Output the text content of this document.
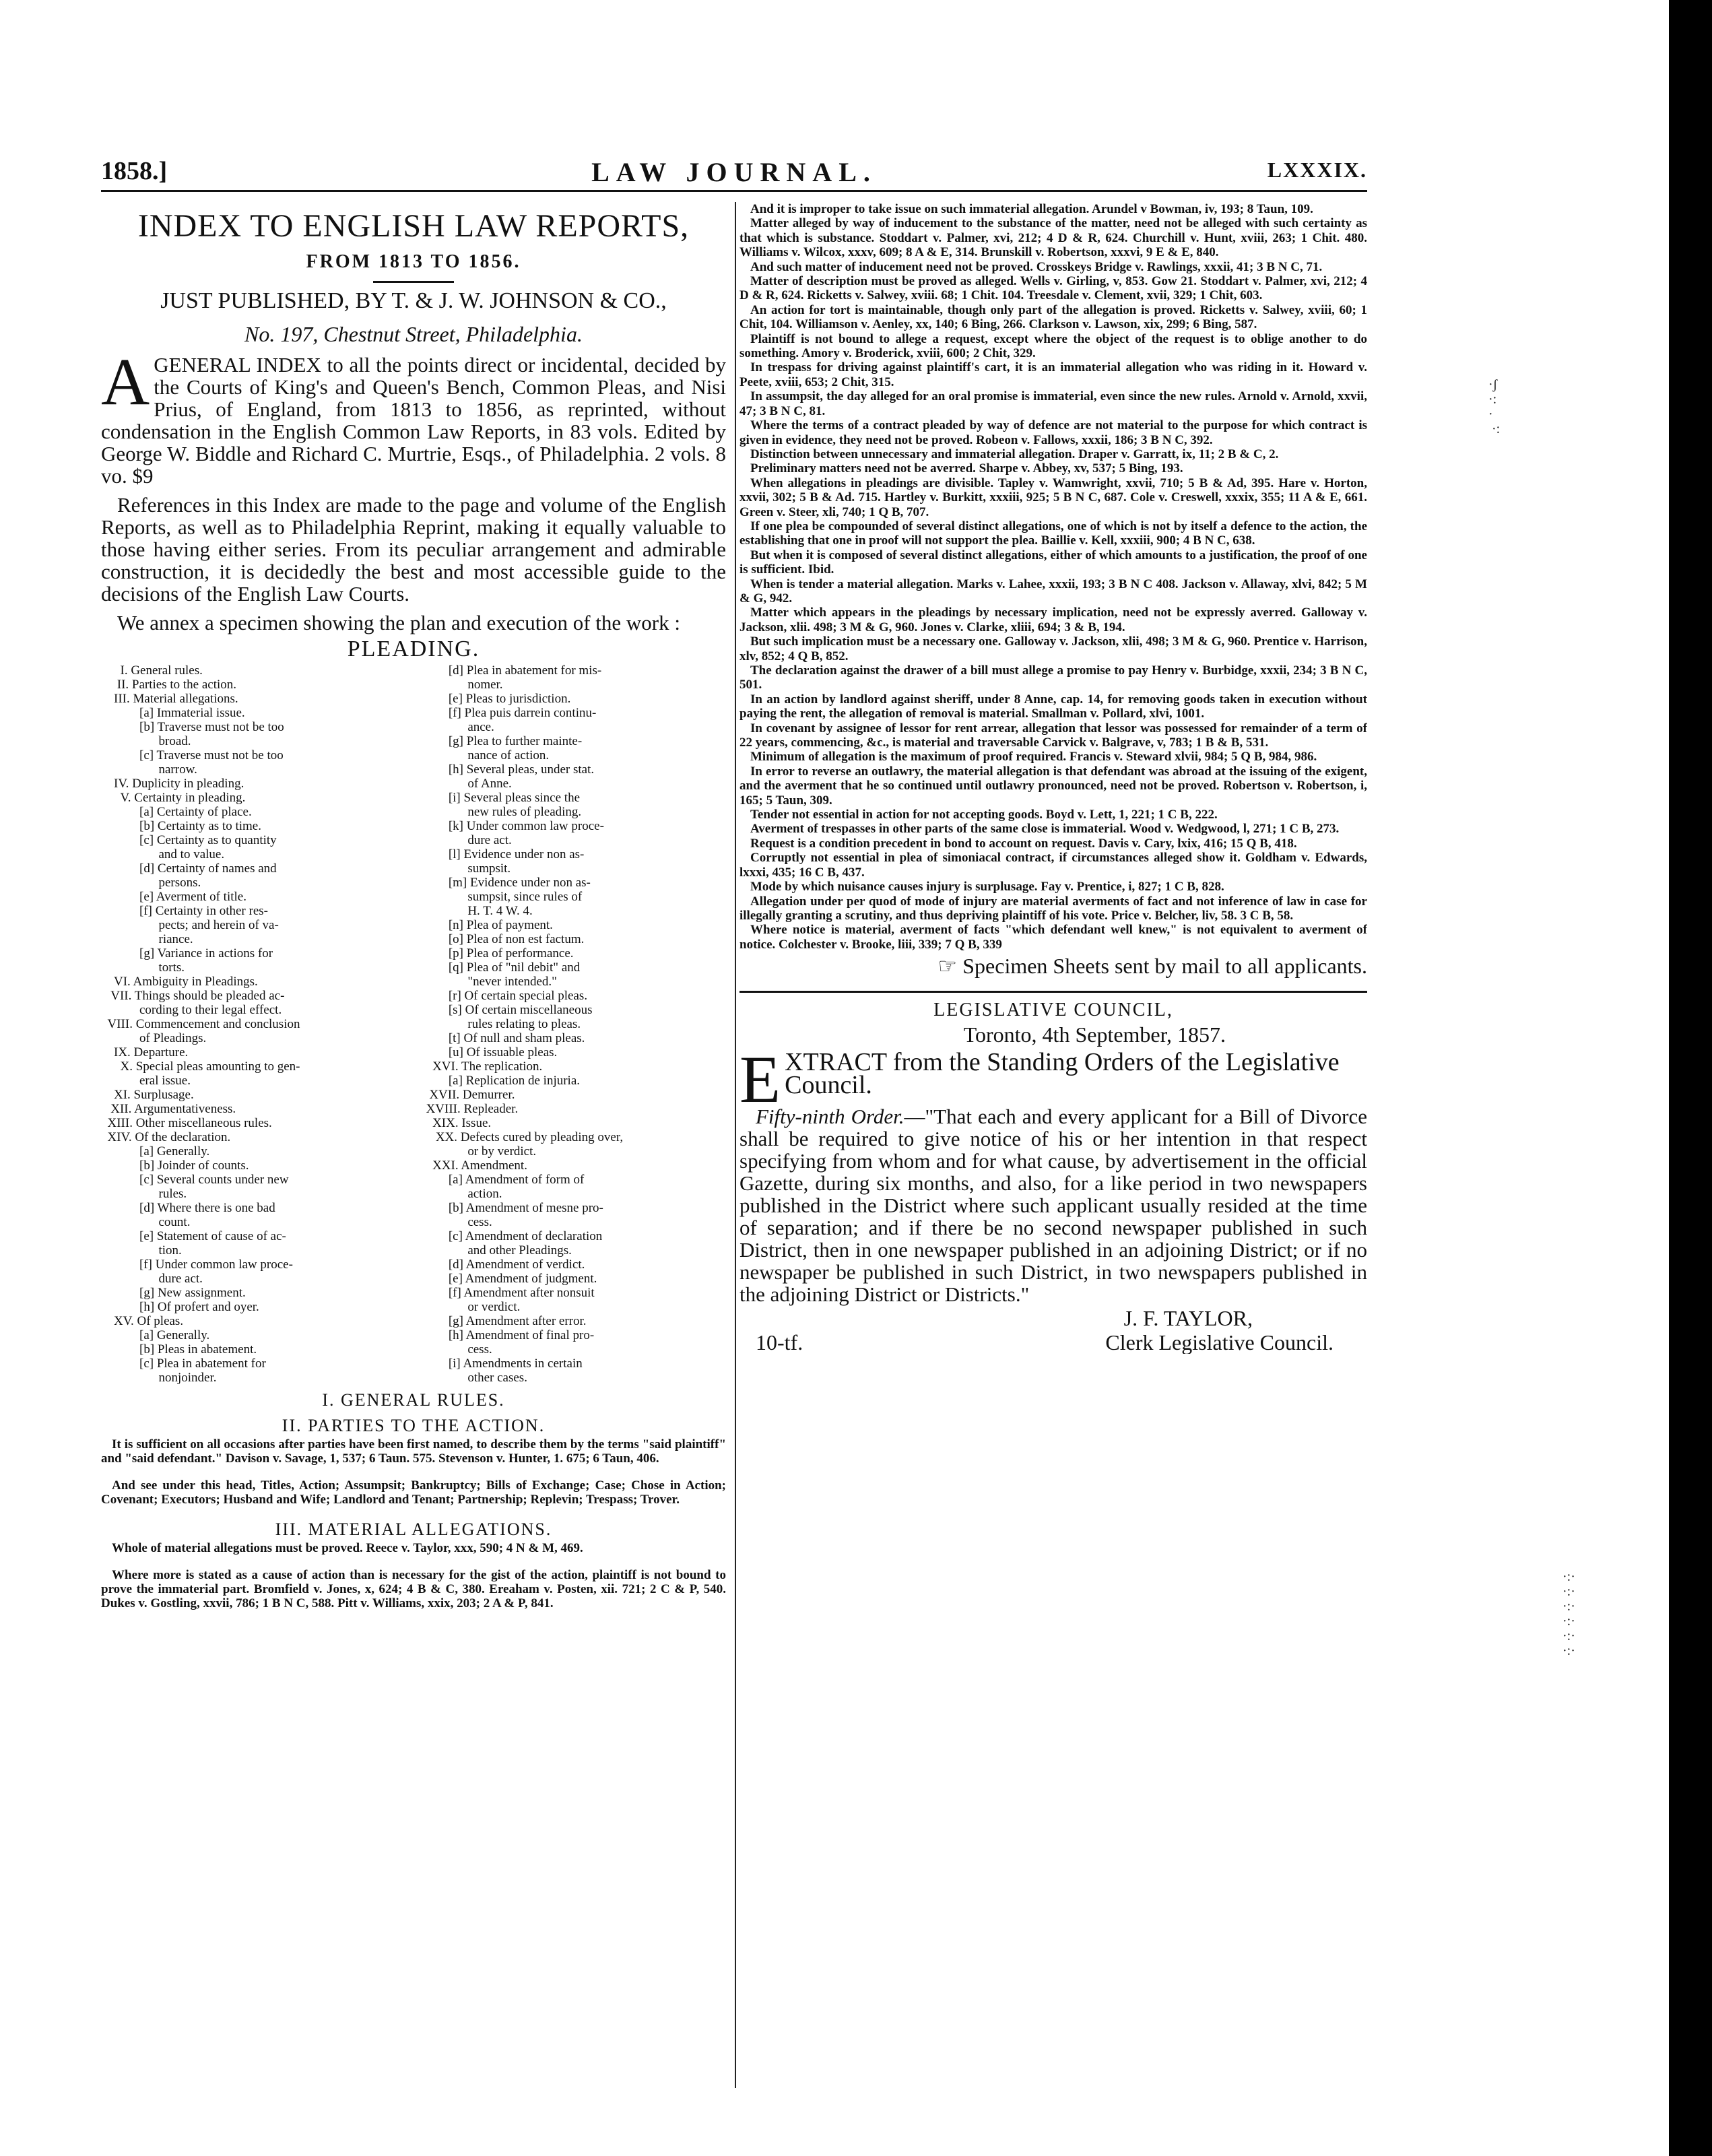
·ʃ
·:
·
·:
·:·
·:·
·:·
·:·
·:·
·:·
1858.]	LAW JOURNAL.	LXXXIX.
INDEX TO ENGLISH LAW REPORTS,
FROM 1813 TO 1856.
JUST PUBLISHED, BY T. & J. W. JOHNSON & CO.,
No. 197, Chestnut Street, Philadelphia.
A GENERAL INDEX to all the points direct or incidental, decided by the Courts of King's and Queen's Bench, Common Pleas, and Nisi Prius, of England, from 1813 to 1856, as reprinted, without condensation in the English Common Law Reports, in 83 vols. Edited by George W. Biddle and Richard C. Murtrie, Esqs., of Philadelphia. 2 vols. 8 vo. $9
References in this Index are made to the page and volume of the English Reports, as well as to Philadelphia Reprint, making it equally valuable to those having either series. From its peculiar arrangement and admirable construction, it is decidedly the best and most accessible guide to the decisions of the English Law Courts.
We annex a specimen showing the plan and execution of the work :
PLEADING.
I. General rules.
II. Parties to the action.
III. Material allegations.
[a] Immaterial issue.
[b] Traverse must not be too
broad.
[c] Traverse must not be too
narrow.
IV. Duplicity in pleading.
V. Certainty in pleading.
[a] Certainty of place.
[b] Certainty as to time.
[c] Certainty as to quantity
and to value.
[d] Certainty of names and
persons.
[e] Averment of title.
[f] Certainty in other res-
pects; and herein of va-
riance.
[g] Variance in actions for
torts.
VI. Ambiguity in Pleadings.
VII. Things should be pleaded ac-
cording to their legal effect.
VIII. Commencement and conclusion
of Pleadings.
IX. Departure.
X. Special pleas amounting to gen-
eral issue.
XI. Surplusage.
XII. Argumentativeness.
XIII. Other miscellaneous rules.
XIV. Of the declaration.
[a] Generally.
[b] Joinder of counts.
[c] Several counts under new
rules.
[d] Where there is one bad
count.
[e] Statement of cause of ac-
tion.
[f] Under common law proce-
dure act.
[g] New assignment.
[h] Of profert and oyer.
XV. Of pleas.
[a] Generally.
[b] Pleas in abatement.
[c] Plea in abatement for
nonjoinder.
[d] Plea in abatement for mis-
nomer.
[e] Pleas to jurisdiction.
[f] Plea puis darrein continu-
ance.
[g] Plea to further mainte-
nance of action.
[h] Several pleas, under stat.
of Anne.
[i] Several pleas since the
new rules of pleading.
[k] Under common law proce-
dure act.
[l] Evidence under non as-
sumpsit.
[m] Evidence under non as-
sumpsit, since rules of
H. T. 4 W. 4.
[n] Plea of payment.
[o] Plea of non est factum.
[p] Plea of performance.
[q] Plea of "nil debit" and
"never intended."
[r] Of certain special pleas.
[s] Of certain miscellaneous
rules relating to pleas.
[t] Of null and sham pleas.
[u] Of issuable pleas.
XVI. The replication.
[a] Replication de injuria.
XVII. Demurrer.
XVIII. Repleader.
XIX. Issue.
XX. Defects cured by pleading over,
or by verdict.
XXI. Amendment.
[a] Amendment of form of
action.
[b] Amendment of mesne pro-
cess.
[c] Amendment of declaration
and other Pleadings.
[d] Amendment of verdict.
[e] Amendment of judgment.
[f] Amendment after nonsuit
or verdict.
[g] Amendment after error.
[h] Amendment of final pro-
cess.
[i] Amendments in certain
other cases.
I. GENERAL RULES.
II. PARTIES TO THE ACTION.

It is sufficient on all occasions after parties have been first named, to describe them by the terms "said plaintiff" and "said defendant." Davison v. Savage, 1, 537; 6 Taun. 575. Stevenson v. Hunter, 1. 675; 6 Taun, 406.

And see under this head, Titles, Action; Assumpsit; Bankruptcy; Bills of Exchange; Case; Chose in Action; Covenant; Executors; Husband and Wife; Landlord and Tenant; Partnership; Replevin; Trespass; Trover.

III. MATERIAL ALLEGATIONS.

Whole of material allegations must be proved. Reece v. Taylor, xxx, 590; 4 N & M, 469.

Where more is stated as a cause of action than is necessary for the gist of the action, plaintiff is not bound to prove the immaterial part. Bromfield v. Jones, x, 624; 4 B & C, 380. Ereaham v. Posten, xii. 721; 2 C & P, 540. Dukes v. Gostling, xxvii, 786; 1 B N C, 588. Pitt v. Williams, xxix, 203; 2 A & P, 841.

And it is improper to take issue on such immaterial allegation. Arundel v Bowman, iv, 193; 8 Taun, 109.

Matter alleged by way of inducement to the substance of the matter, need not be alleged with such certainty as that which is substance. Stoddart v. Palmer, xvi, 212; 4 D & R, 624. Churchill v. Hunt, xviii, 263; 1 Chit. 480. Williams v. Wilcox, xxxv, 609; 8 A & E, 314. Brunskill v. Robertson, xxxvi, 9 E & E, 840.

And such matter of inducement need not be proved. Crosskeys Bridge v. Rawlings, xxxii, 41; 3 B N C, 71.

Matter of description must be proved as alleged. Wells v. Girling, v, 853. Gow 21. Stoddart v. Palmer, xvi, 212; 4 D & R, 624. Ricketts v. Salwey, xviii. 68; 1 Chit. 104. Treesdale v. Clement, xvii, 329; 1 Chit, 603.

An action for tort is maintainable, though only part of the allegation is proved. Ricketts v. Salwey, xviii, 60; 1 Chit, 104. Williamson v. Aenley, xx, 140; 6 Bing, 266. Clarkson v. Lawson, xix, 299; 6 Bing, 587.

Plaintiff is not bound to allege a request, except where the object of the request is to oblige another to do something. Amory v. Broderick, xviii, 600; 2 Chit, 329.

In trespass for driving against plaintiff's cart, it is an immaterial allegation who was riding in it. Howard v. Peete, xviii, 653; 2 Chit, 315.

In assumpsit, the day alleged for an oral promise is immaterial, even since the new rules. Arnold v. Arnold, xxvii, 47; 3 B N C, 81.

Where the terms of a contract pleaded by way of defence are not material to the purpose for which contract is given in evidence, they need not be proved. Robeon v. Fallows, xxxii, 186; 3 B N C, 392.

Distinction between unnecessary and immaterial allegation. Draper v. Garratt, ix, 11; 2 B & C, 2.

Preliminary matters need not be averred. Sharpe v. Abbey, xv, 537; 5 Bing, 193.

When allegations in pleadings are divisible. Tapley v. Wamwright, xxvii, 710; 5 B & Ad, 395. Hare v. Horton, xxvii, 302; 5 B & Ad. 715. Hartley v. Burkitt, xxxiii, 925; 5 B N C, 687. Cole v. Creswell, xxxix, 355; 11 A & E, 661. Green v. Steer, xli, 740; 1 Q B, 707.

If one plea be compounded of several distinct allegations, one of which is not by itself a defence to the action, the establishing that one in proof will not support the plea. Baillie v. Kell, xxxiii, 900; 4 B N C, 638.

But when it is composed of several distinct allegations, either of which amounts to a justification, the proof of one is sufficient. Ibid.

When is tender a material allegation. Marks v. Lahee, xxxii, 193; 3 B N C 408. Jackson v. Allaway, xlvi, 842; 5 M & G, 942.

Matter which appears in the pleadings by necessary implication, need not be expressly averred. Galloway v. Jackson, xlii. 498; 3 M & G, 960. Jones v. Clarke, xliii, 694; 3 & B, 194.

But such implication must be a necessary one. Galloway v. Jackson, xlii, 498; 3 M & G, 960. Prentice v. Harrison, xlv, 852; 4 Q B, 852.

The declaration against the drawer of a bill must allege a promise to pay Henry v. Burbidge, xxxii, 234; 3 B N C, 501.

In an action by landlord against sheriff, under 8 Anne, cap. 14, for removing goods taken in execution without paying the rent, the allegation of removal is material. Smallman v. Pollard, xlvi, 1001.

In covenant by assignee of lessor for rent arrear, allegation that lessor was possessed for remainder of a term of 22 years, commencing, &c., is material and traversable Carvick v. Balgrave, v, 783; 1 B & B, 531.

Minimum of allegation is the maximum of proof required. Francis v. Steward xlvii, 984; 5 Q B, 984, 986.

In error to reverse an outlawry, the material allegation is that defendant was abroad at the issuing of the exigent, and the averment that he so continued until outlawry pronounced, need not be proved. Robertson v. Robertson, i, 165; 5 Taun, 309.

Tender not essential in action for not accepting goods. Boyd v. Lett, 1, 221; 1 C B, 222.

Averment of trespasses in other parts of the same close is immaterial. Wood v. Wedgwood, l, 271; 1 C B, 273.

Request is a condition precedent in bond to account on request. Davis v. Cary, lxix, 416; 15 Q B, 418.

Corruptly not essential in plea of simoniacal contract, if circumstances alleged show it. Goldham v. Edwards, lxxxi, 435; 16 C B, 437.

Mode by which nuisance causes injury is surplusage. Fay v. Prentice, i, 827; 1 C B, 828.

Allegation under per quod of mode of injury are material averments of fact and not inference of law in case for illegally granting a scrutiny, and thus depriving plaintiff of his vote. Price v. Belcher, liv, 58. 3 C B, 58.

Where notice is material, averment of facts "which defendant well knew," is not equivalent to averment of notice. Colchester v. Brooke, liii, 339; 7 Q B, 339

☞ Specimen Sheets sent by mail to all applicants.
LEGISLATIVE COUNCIL,
Toronto, 4th September, 1857.
EXTRACT from the Standing Orders of the Legislative Council.
Fifty-ninth Order.—"That each and every applicant for a Bill of Divorce shall be required to give notice of his or her intention in that respect specifying from whom and for what cause, by advertisement in the official Gazette, during six months, and also, for a like period in two newspapers published in the District where such applicant usually resided at the time of separation; and if there be no second newspaper published in such District, then in one newspaper published in an adjoining District; or if no newspaper be published in such District, in two newspapers published in the adjoining District or Districts."
J. F. TAYLOR,
10-tf.	Clerk Legislative Council.
